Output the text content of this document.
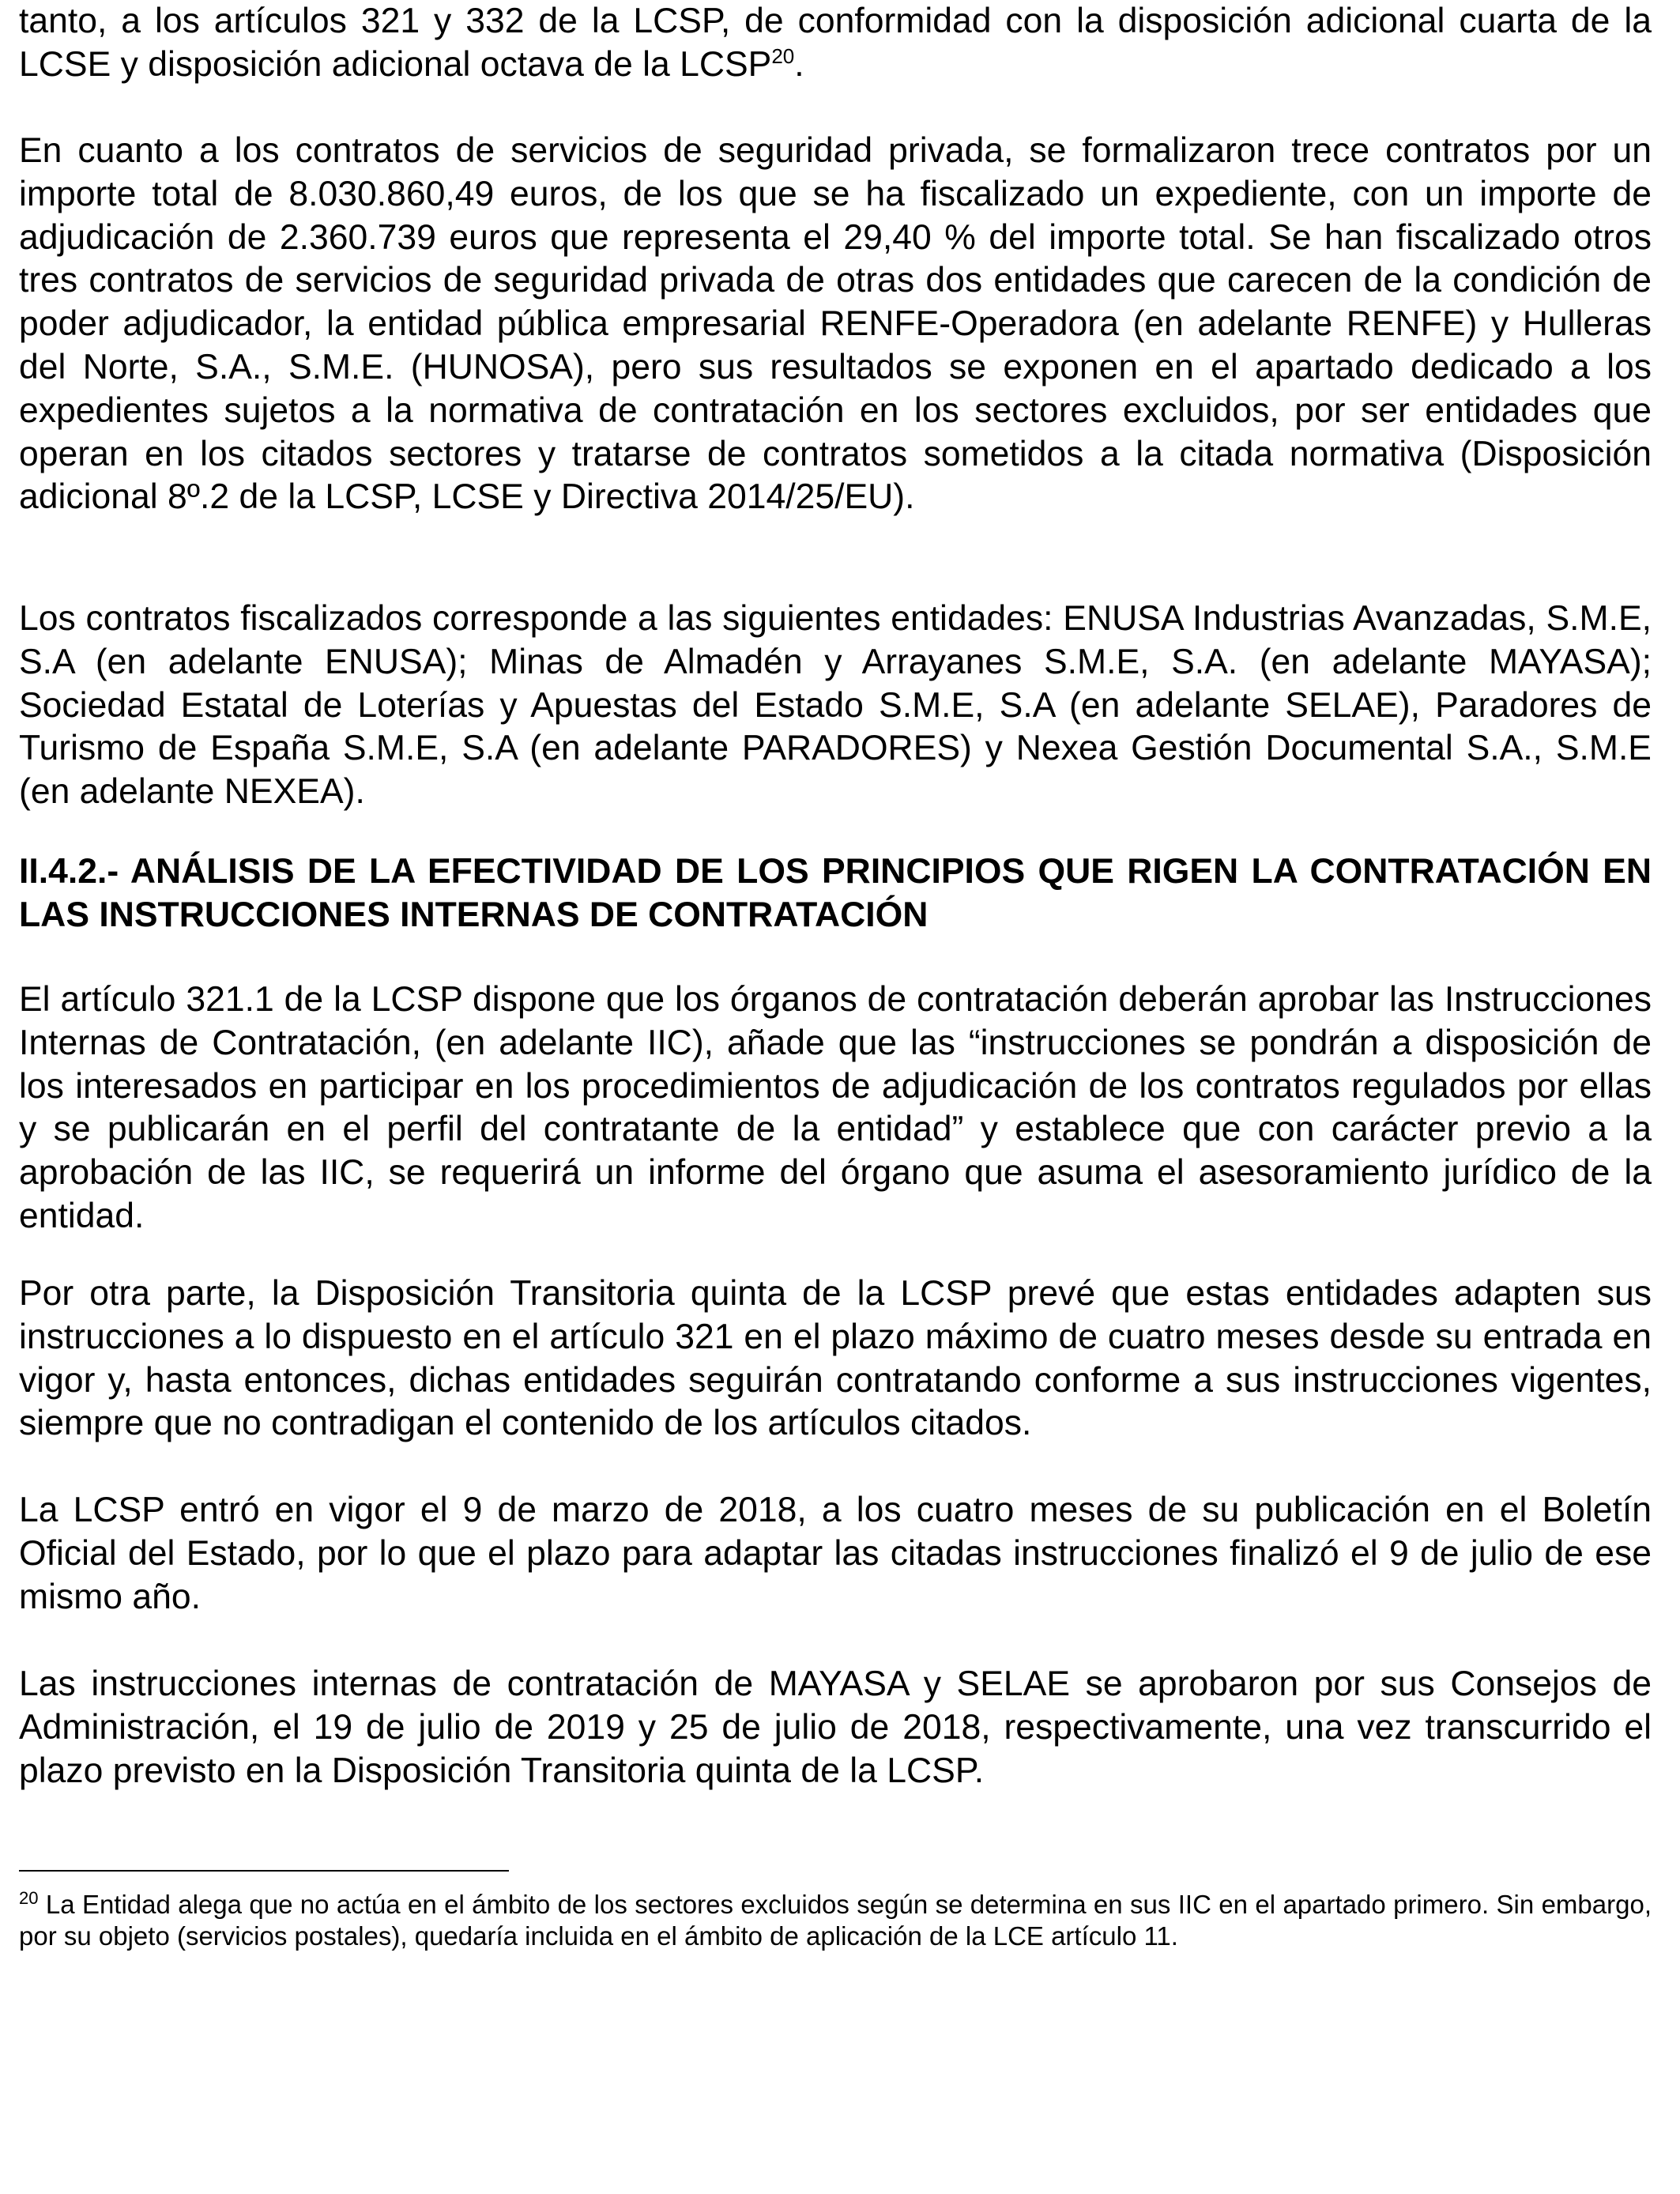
tanto, a los artículos 321 y 332 de la LCSP, de conformidad con la disposición adicional cuarta de la LCSE y disposición adicional octava de la LCSP$^{20}$.

En cuanto a los contratos de servicios de seguridad privada, se formalizaron trece contratos por un importe total de 8.030.860,49 euros, de los que se ha fiscalizado un expediente, con un importe de adjudicación de 2.360.739 euros que representa el 29,40 % del importe total. Se han fiscalizado otros tres contratos de servicios de seguridad privada de otras dos entidades que carecen de la condición de poder adjudicador, la entidad pública empresarial RENFE-Operadora (en adelante RENFE) y Hulleras del Norte, S.A., S.M.E. (HUNOSA), pero sus resultados se exponen en el apartado dedicado a los expedientes sujetos a la normativa de contratación en los sectores excluidos, por ser entidades que operan en los citados sectores y tratarse de contratos sometidos a la citada normativa (Disposición adicional 8º.2 de la LCSP, LCSE y Directiva 2014/25/EU).

Los contratos fiscalizados corresponde a las siguientes entidades: ENUSA Industrias Avanzadas, S.M.E, S.A (en adelante ENUSA); Minas de Almadén y Arrayanes S.M.E, S.A. (en adelante MAYASA); Sociedad Estatal de Loterías y Apuestas del Estado S.M.E, S.A (en adelante SELAE), Paradores de Turismo de España S.M.E, S.A (en adelante PARADORES) y Nexea Gestión Documental S.A., S.M.E (en adelante NEXEA).

II.4.2.- ANÁLISIS DE LA EFECTIVIDAD DE LOS PRINCIPIOS QUE RIGEN LA CONTRATACIÓN EN LAS INSTRUCCIONES INTERNAS DE CONTRATACIÓN

El artículo 321.1 de la LCSP dispone que los órganos de contratación deberán aprobar las Instrucciones Internas de Contratación, (en adelante IIC), añade que las “instrucciones se pondrán a disposición de los interesados en participar en los procedimientos de adjudicación de los contratos regulados por ellas y se publicarán en el perfil del contratante de la entidad” y establece que con carácter previo a la aprobación de las IIC, se requerirá un informe del órgano que asuma el asesoramiento jurídico de la entidad.

Por otra parte, la Disposición Transitoria quinta de la LCSP prevé que estas entidades adapten sus instrucciones a lo dispuesto en el artículo 321 en el plazo máximo de cuatro meses desde su entrada en vigor y, hasta entonces, dichas entidades seguirán contratando conforme a sus instrucciones vigentes, siempre que no contradigan el contenido de los artículos citados.

La LCSP entró en vigor el 9 de marzo de 2018, a los cuatro meses de su publicación en el Boletín Oficial del Estado, por lo que el plazo para adaptar las citadas instrucciones finalizó el 9 de julio de ese mismo año.

Las instrucciones internas de contratación de MAYASA y SELAE se aprobaron por sus Consejos de Administración, el 19 de julio de 2019 y 25 de julio de 2018, respectivamente, una vez transcurrido el plazo previsto en la Disposición Transitoria quinta de la LCSP.

$^{20}$ La Entidad alega que no actúa en el ámbito de los sectores excluidos según se determina en sus IIC en el apartado primero. Sin embargo, por su objeto (servicios postales), quedaría incluida en el ámbito de aplicación de la LCE artículo 11.
